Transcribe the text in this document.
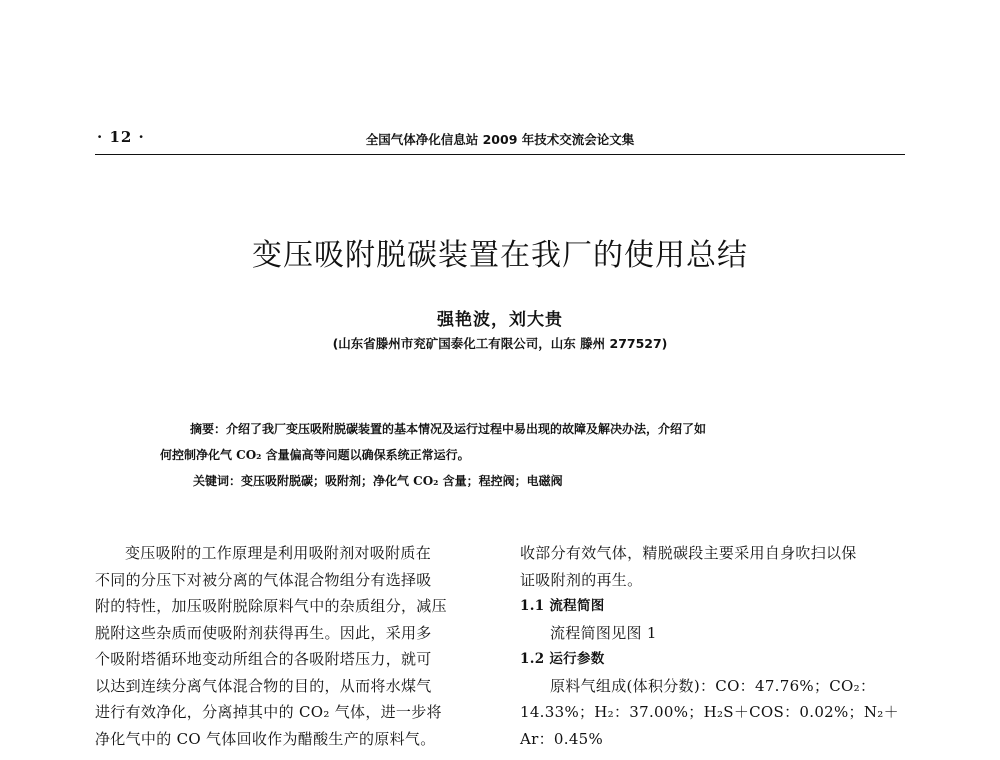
· 12 ·	全国气体净化信息站 2009 年技术交流会论文集
变压吸附脱碳装置在我厂的使用总结
强艳波，刘大贵
(山东省滕州市兖矿国泰化工有限公司，山东 滕州 277527)
摘要：介绍了我厂变压吸附脱碳装置的基本情况及运行过程中易出现的故障及解决办法，介绍了如
何控制净化气 CO₂ 含量偏高等问题以确保系统正常运行。
关键词：变压吸附脱碳；吸附剂；净化气 CO₂ 含量；程控阀；电磁阀
变压吸附的工作原理是利用吸附剂对吸附质在
不同的分压下对被分离的气体混合物组分有选择吸
附的特性，加压吸附脱除原料气中的杂质组分，减压
脱附这些杂质而使吸附剂获得再生。因此，采用多
个吸附塔循环地变动所组合的各吸附塔压力，就可
以达到连续分离气体混合物的目的，从而将水煤气
进行有效净化，分离掉其中的 CO₂ 气体，进一步将
净化气中的 CO 气体回收作为醋酸生产的原料气。
收部分有效气体，精脱碳段主要采用自身吹扫以保
证吸附剂的再生。
1.1 流程简图
流程简图见图 1
1.2 运行参数
原料气组成(体积分数)：CO：47.76%；CO₂：
14.33%；H₂：37.00%；H₂S＋COS：0.02%；N₂＋
Ar：0.45%
